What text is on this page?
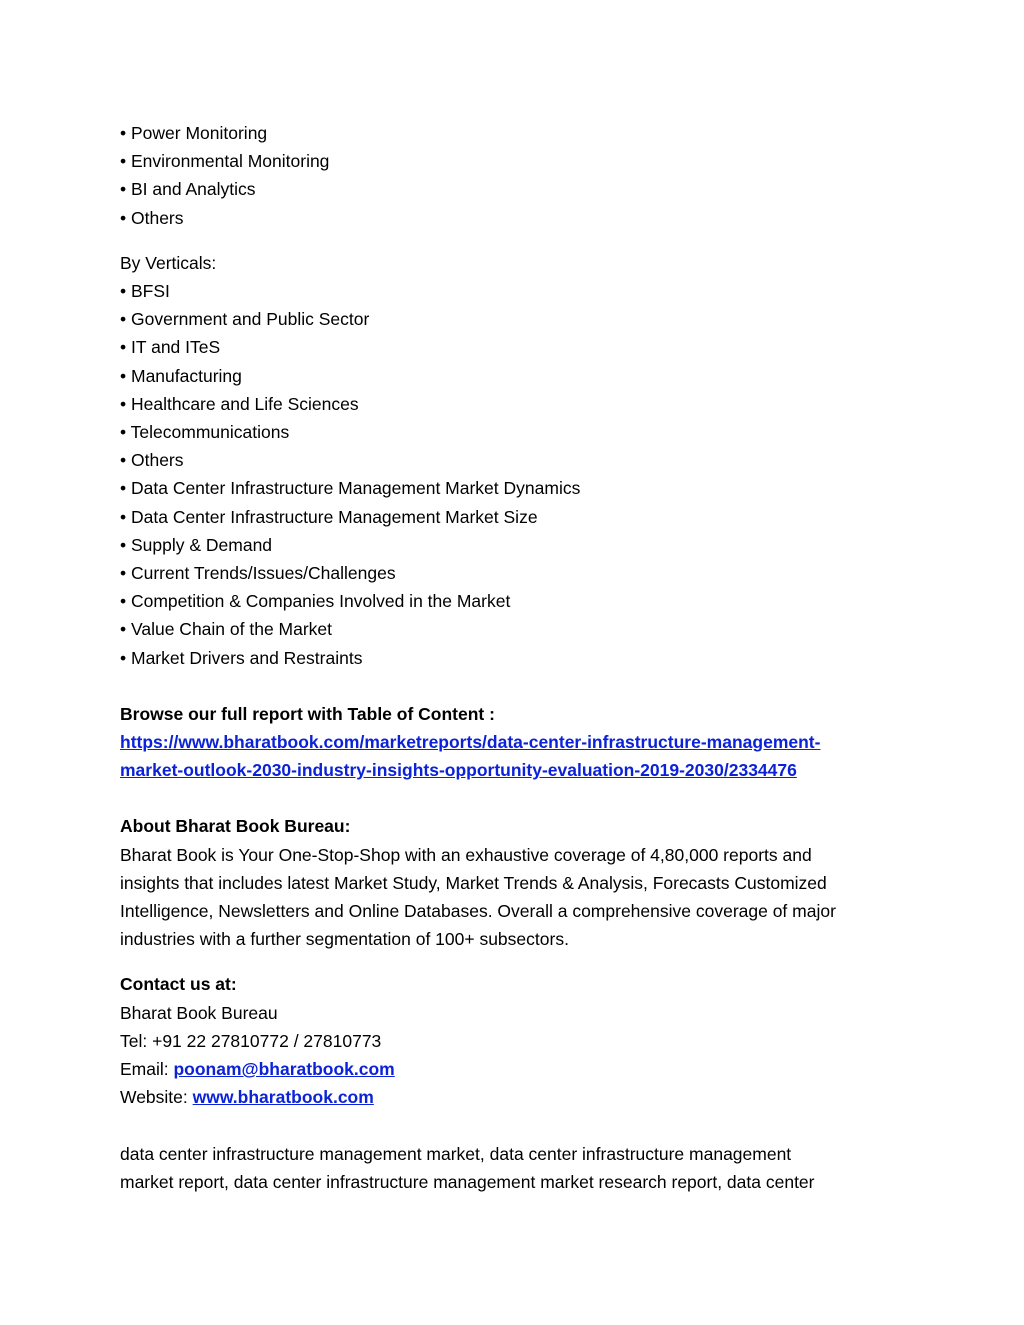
• Power Monitoring
• Environmental Monitoring
• BI and Analytics
• Others
By Verticals:
• BFSI
• Government and Public Sector
• IT and ITeS
• Manufacturing
• Healthcare and Life Sciences
• Telecommunications
• Others
• Data Center Infrastructure Management Market Dynamics
• Data Center Infrastructure Management Market Size
• Supply & Demand
• Current Trends/Issues/Challenges
• Competition & Companies Involved in the Market
• Value Chain of the Market
• Market Drivers and Restraints
Browse our full report with Table of Content :
https://www.bharatbook.com/marketreports/data-center-infrastructure-management-
market-outlook-2030-industry-insights-opportunity-evaluation-2019-2030/2334476
About Bharat Book Bureau:
Bharat Book is Your One-Stop-Shop with an exhaustive coverage of 4,80,000 reports and
insights that includes latest Market Study, Market Trends & Analysis, Forecasts Customized
Intelligence, Newsletters and Online Databases. Overall a comprehensive coverage of major
industries with a further segmentation of 100+ subsectors.
Contact us at:
Bharat Book Bureau
Tel: +91 22 27810772 / 27810773
Email: poonam@bharatbook.com
Website: www.bharatbook.com
data center infrastructure management market, data center infrastructure management
market report, data center infrastructure management market research report, data center
